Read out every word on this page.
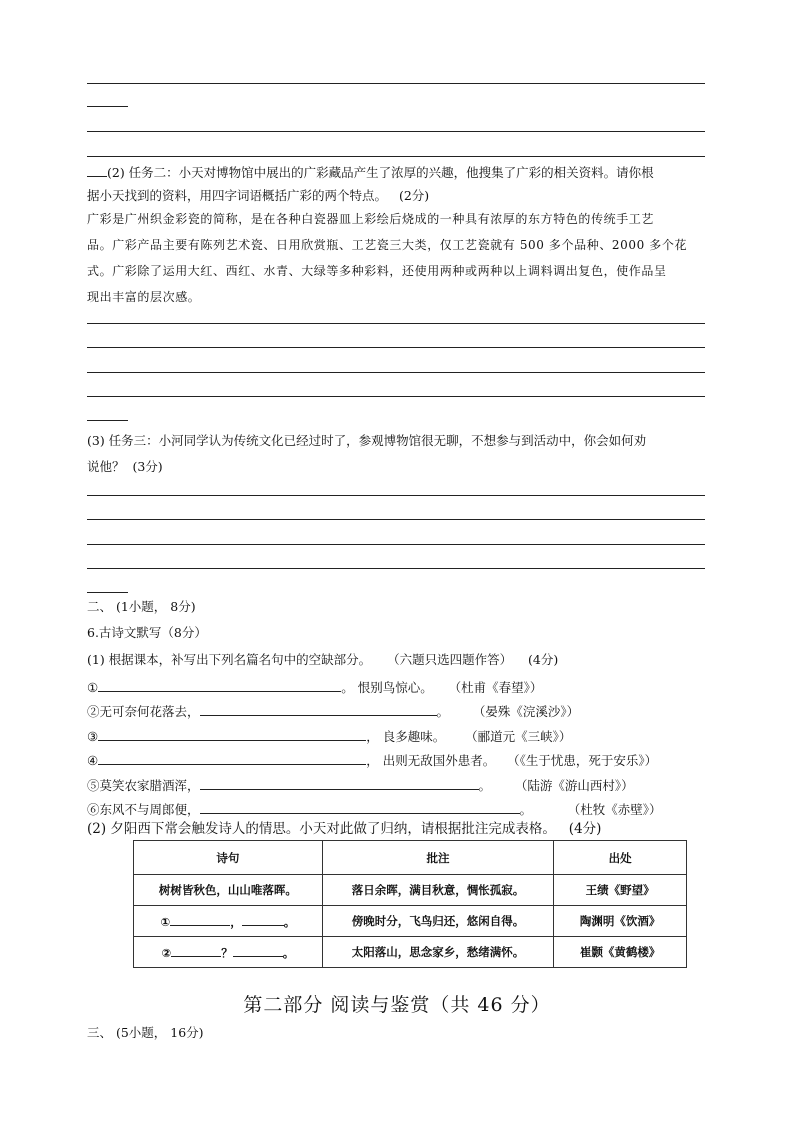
(2) 任务二：小天对博物馆中展出的广彩藏品产生了浓厚的兴趣，他搜集了广彩的相关资料。请你根
据小天找到的资料，用四字词语概括广彩的两个特点。 (2分)
广彩是广州织金彩瓷的简称，是在各种白瓷器皿上彩绘后烧成的一种具有浓厚的东方特色的传统手工艺
品。广彩产品主要有陈列艺术瓷、日用欣赏瓶、工艺瓷三大类，仅工艺瓷就有 500 多个品种、2000 多个花
式。广彩除了运用大红、西红、水青、大绿等多种彩料，还使用两种或两种以上调料调出复色，使作品呈
现出丰富的层次感。
(3) 任务三：小河同学认为传统文化已经过时了，参观博物馆很无聊，不想参与到活动中，你会如何劝
说他？ (3分)
二、 (1小题， 8分)
6.古诗文默写（8分）
(1) 根据课本，补写出下列名篇名句中的空缺部分。 （六题只选四题作答） (4分)
①	。 恨别鸟惊心。 （杜甫《春望》）
②无可奈何花落去，	。 （晏殊《浣溪沙》）
③	， 良多趣味。 （郦道元《三峡》）
④	， 出则无敌国外患者。 （《生于忧患，死于安乐》）
⑤莫笑农家腊酒浑，	。 （陆游《游山西村》）
⑥东风不与周郎便，	。	（杜牧《赤壁》）
(2) 夕阳西下常会触发诗人的情思。小天对此做了归纳，请根据批注完成表格。 (4分)
诗句	批注	出处
树树皆秋色，山山唯落晖。	落日余晖，满目秋意，惆怅孤寂。	王绩《野望》
① ， 。	傍晚时分，飞鸟归还，悠闲自得。	陶渊明《饮酒》
② ？ 。	太阳落山，思念家乡，愁绪满怀。	崔颢《黄鹤楼》
第二部分 阅读与鉴赏（共 46 分）
三、 (5小题， 16分)
